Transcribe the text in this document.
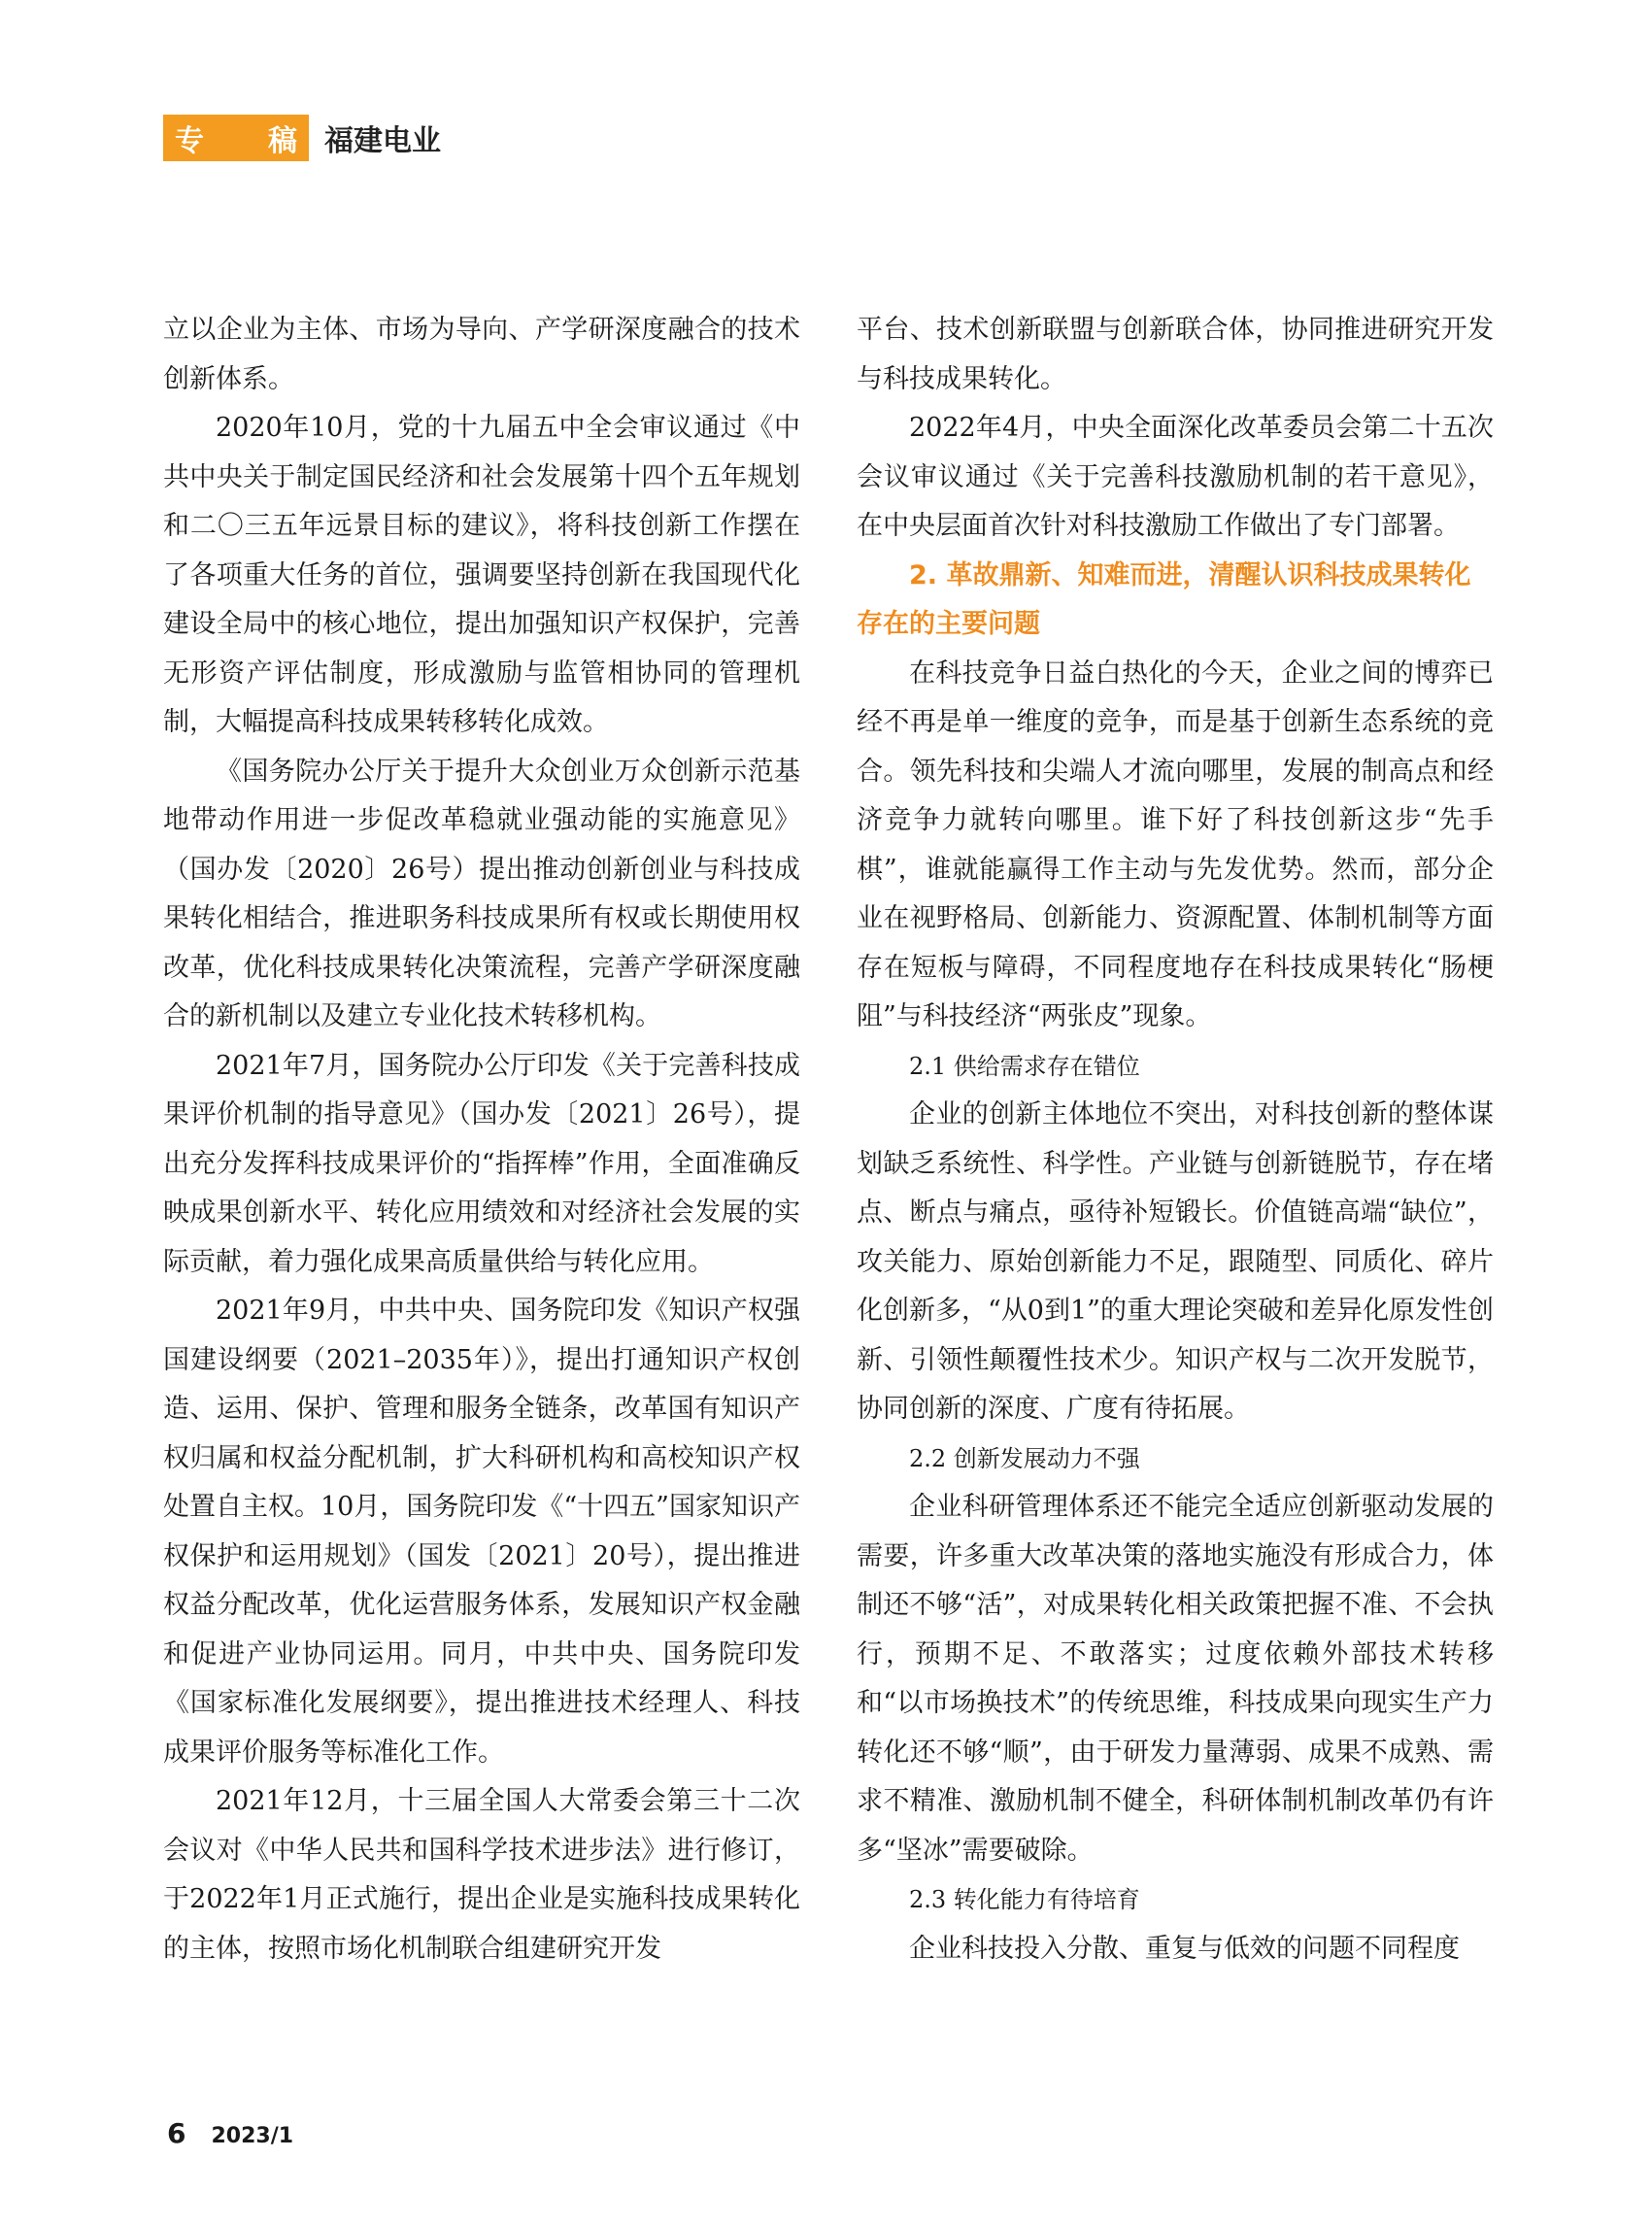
专 稿 福建电业

立以企业为主体、市场为导向、产学研深度融合的技术创新体系。

2020年10月，党的十九届五中全会审议通过《中共中央关于制定国民经济和社会发展第十四个五年规划和二〇三五年远景目标的建议》，将科技创新工作摆在了各项重大任务的首位，强调要坚持创新在我国现代化建设全局中的核心地位，提出加强知识产权保护，完善无形资产评估制度，形成激励与监管相协同的管理机制，大幅提高科技成果转移转化成效。

《国务院办公厅关于提升大众创业万众创新示范基地带动作用进一步促改革稳就业强动能的实施意见》（国办发〔2020〕26号）提出推动创新创业与科技成果转化相结合，推进职务科技成果所有权或长期使用权改革，优化科技成果转化决策流程，完善产学研深度融合的新机制以及建立专业化技术转移机构。

2021年7月，国务院办公厅印发《关于完善科技成果评价机制的指导意见》（国办发〔2021〕26号），提出充分发挥科技成果评价的“指挥棒”作用，全面准确反映成果创新水平、转化应用绩效和对经济社会发展的实际贡献，着力强化成果高质量供给与转化应用。

2021年9月，中共中央、国务院印发《知识产权强国建设纲要（2021–2035年）》，提出打通知识产权创造、运用、保护、管理和服务全链条，改革国有知识产权归属和权益分配机制，扩大科研机构和高校知识产权处置自主权。10月，国务院印发《“十四五”国家知识产权保护和运用规划》（国发〔2021〕20号），提出推进权益分配改革，优化运营服务体系，发展知识产权金融和促进产业协同运用。同月，中共中央、国务院印发《国家标准化发展纲要》，提出推进技术经理人、科技成果评价服务等标准化工作。

2021年12月，十三届全国人大常委会第三十二次会议对《中华人民共和国科学技术进步法》进行修订，于2022年1月正式施行，提出企业是实施科技成果转化的主体，按照市场化机制联合组建研究开发

平台、技术创新联盟与创新联合体，协同推进研究开发与科技成果转化。

2022年4月，中央全面深化改革委员会第二十五次会议审议通过《关于完善科技激励机制的若干意见》，在中央层面首次针对科技激励工作做出了专门部署。

2. 革故鼎新、知难而进，清醒认识科技成果转化存在的主要问题

在科技竞争日益白热化的今天，企业之间的博弈已经不再是单一维度的竞争，而是基于创新生态系统的竞合。领先科技和尖端人才流向哪里，发展的制高点和经济竞争力就转向哪里。谁下好了科技创新这步“先手棋”，谁就能赢得工作主动与先发优势。然而，部分企业在视野格局、创新能力、资源配置、体制机制等方面存在短板与障碍，不同程度地存在科技成果转化“肠梗阻”与科技经济“两张皮”现象。

2.1 供给需求存在错位

企业的创新主体地位不突出，对科技创新的整体谋划缺乏系统性、科学性。产业链与创新链脱节，存在堵点、断点与痛点，亟待补短锻长。价值链高端“缺位”，攻关能力、原始创新能力不足，跟随型、同质化、碎片化创新多，“从0到1”的重大理论突破和差异化原发性创新、引领性颠覆性技术少。知识产权与二次开发脱节，协同创新的深度、广度有待拓展。

2.2 创新发展动力不强

企业科研管理体系还不能完全适应创新驱动发展的需要，许多重大改革决策的落地实施没有形成合力，体制还不够“活”，对成果转化相关政策把握不准、不会执行，预期不足、不敢落实；过度依赖外部技术转移和“以市场换技术”的传统思维，科技成果向现实生产力转化还不够“顺”，由于研发力量薄弱、成果不成熟、需求不精准、激励机制不健全，科研体制机制改革仍有许多“坚冰”需要破除。

2.3 转化能力有待培育

企业科技投入分散、重复与低效的问题不同程度

6 2023/1
